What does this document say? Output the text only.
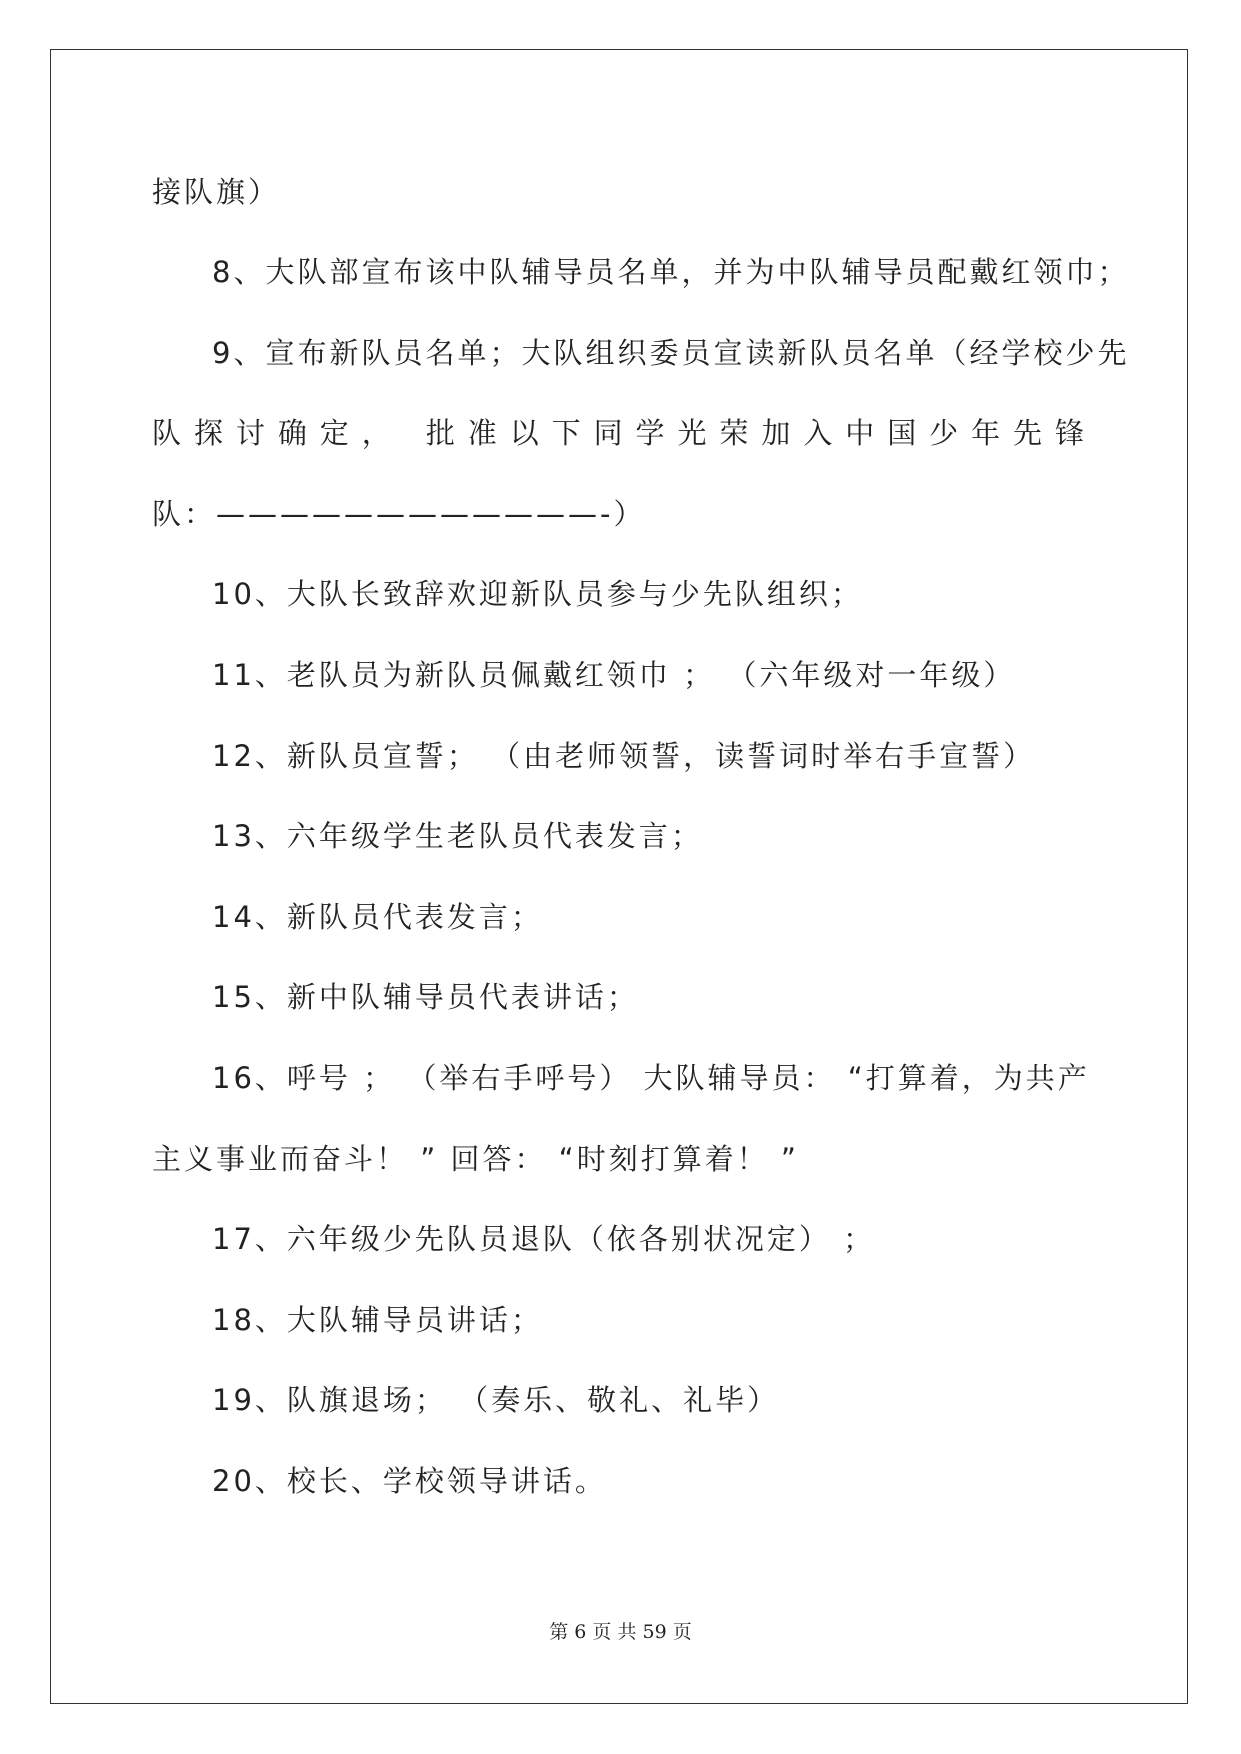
接队旗）
8、大队部宣布该中队辅导员名单，并为中队辅导员配戴红领巾；
9、宣布新队员名单；大队组织委员宣读新队员名单（经学校少先
队探讨确定， 批准以下同学光荣加入中国少年先锋
队：————————————-）
10、大队长致辞欢迎新队员参与少先队组织；
11、老队员为新队员佩戴红领巾 ； （六年级对一年级）
12、新队员宣誓； （由老师领誓，读誓词时举右手宣誓）
13、六年级学生老队员代表发言；
14、新队员代表发言；
15、新中队辅导员代表讲话；
16、呼号 ； （举右手呼号） 大队辅导员： “打算着，为共产
主义事业而奋斗！ ” 回答： “时刻打算着！ ”
17、六年级少先队员退队（依各别状况定） ；
18、大队辅导员讲话；
19、队旗退场； （奏乐、敬礼、礼毕）
20、校长、学校领导讲话。
第 6 页 共 59 页
